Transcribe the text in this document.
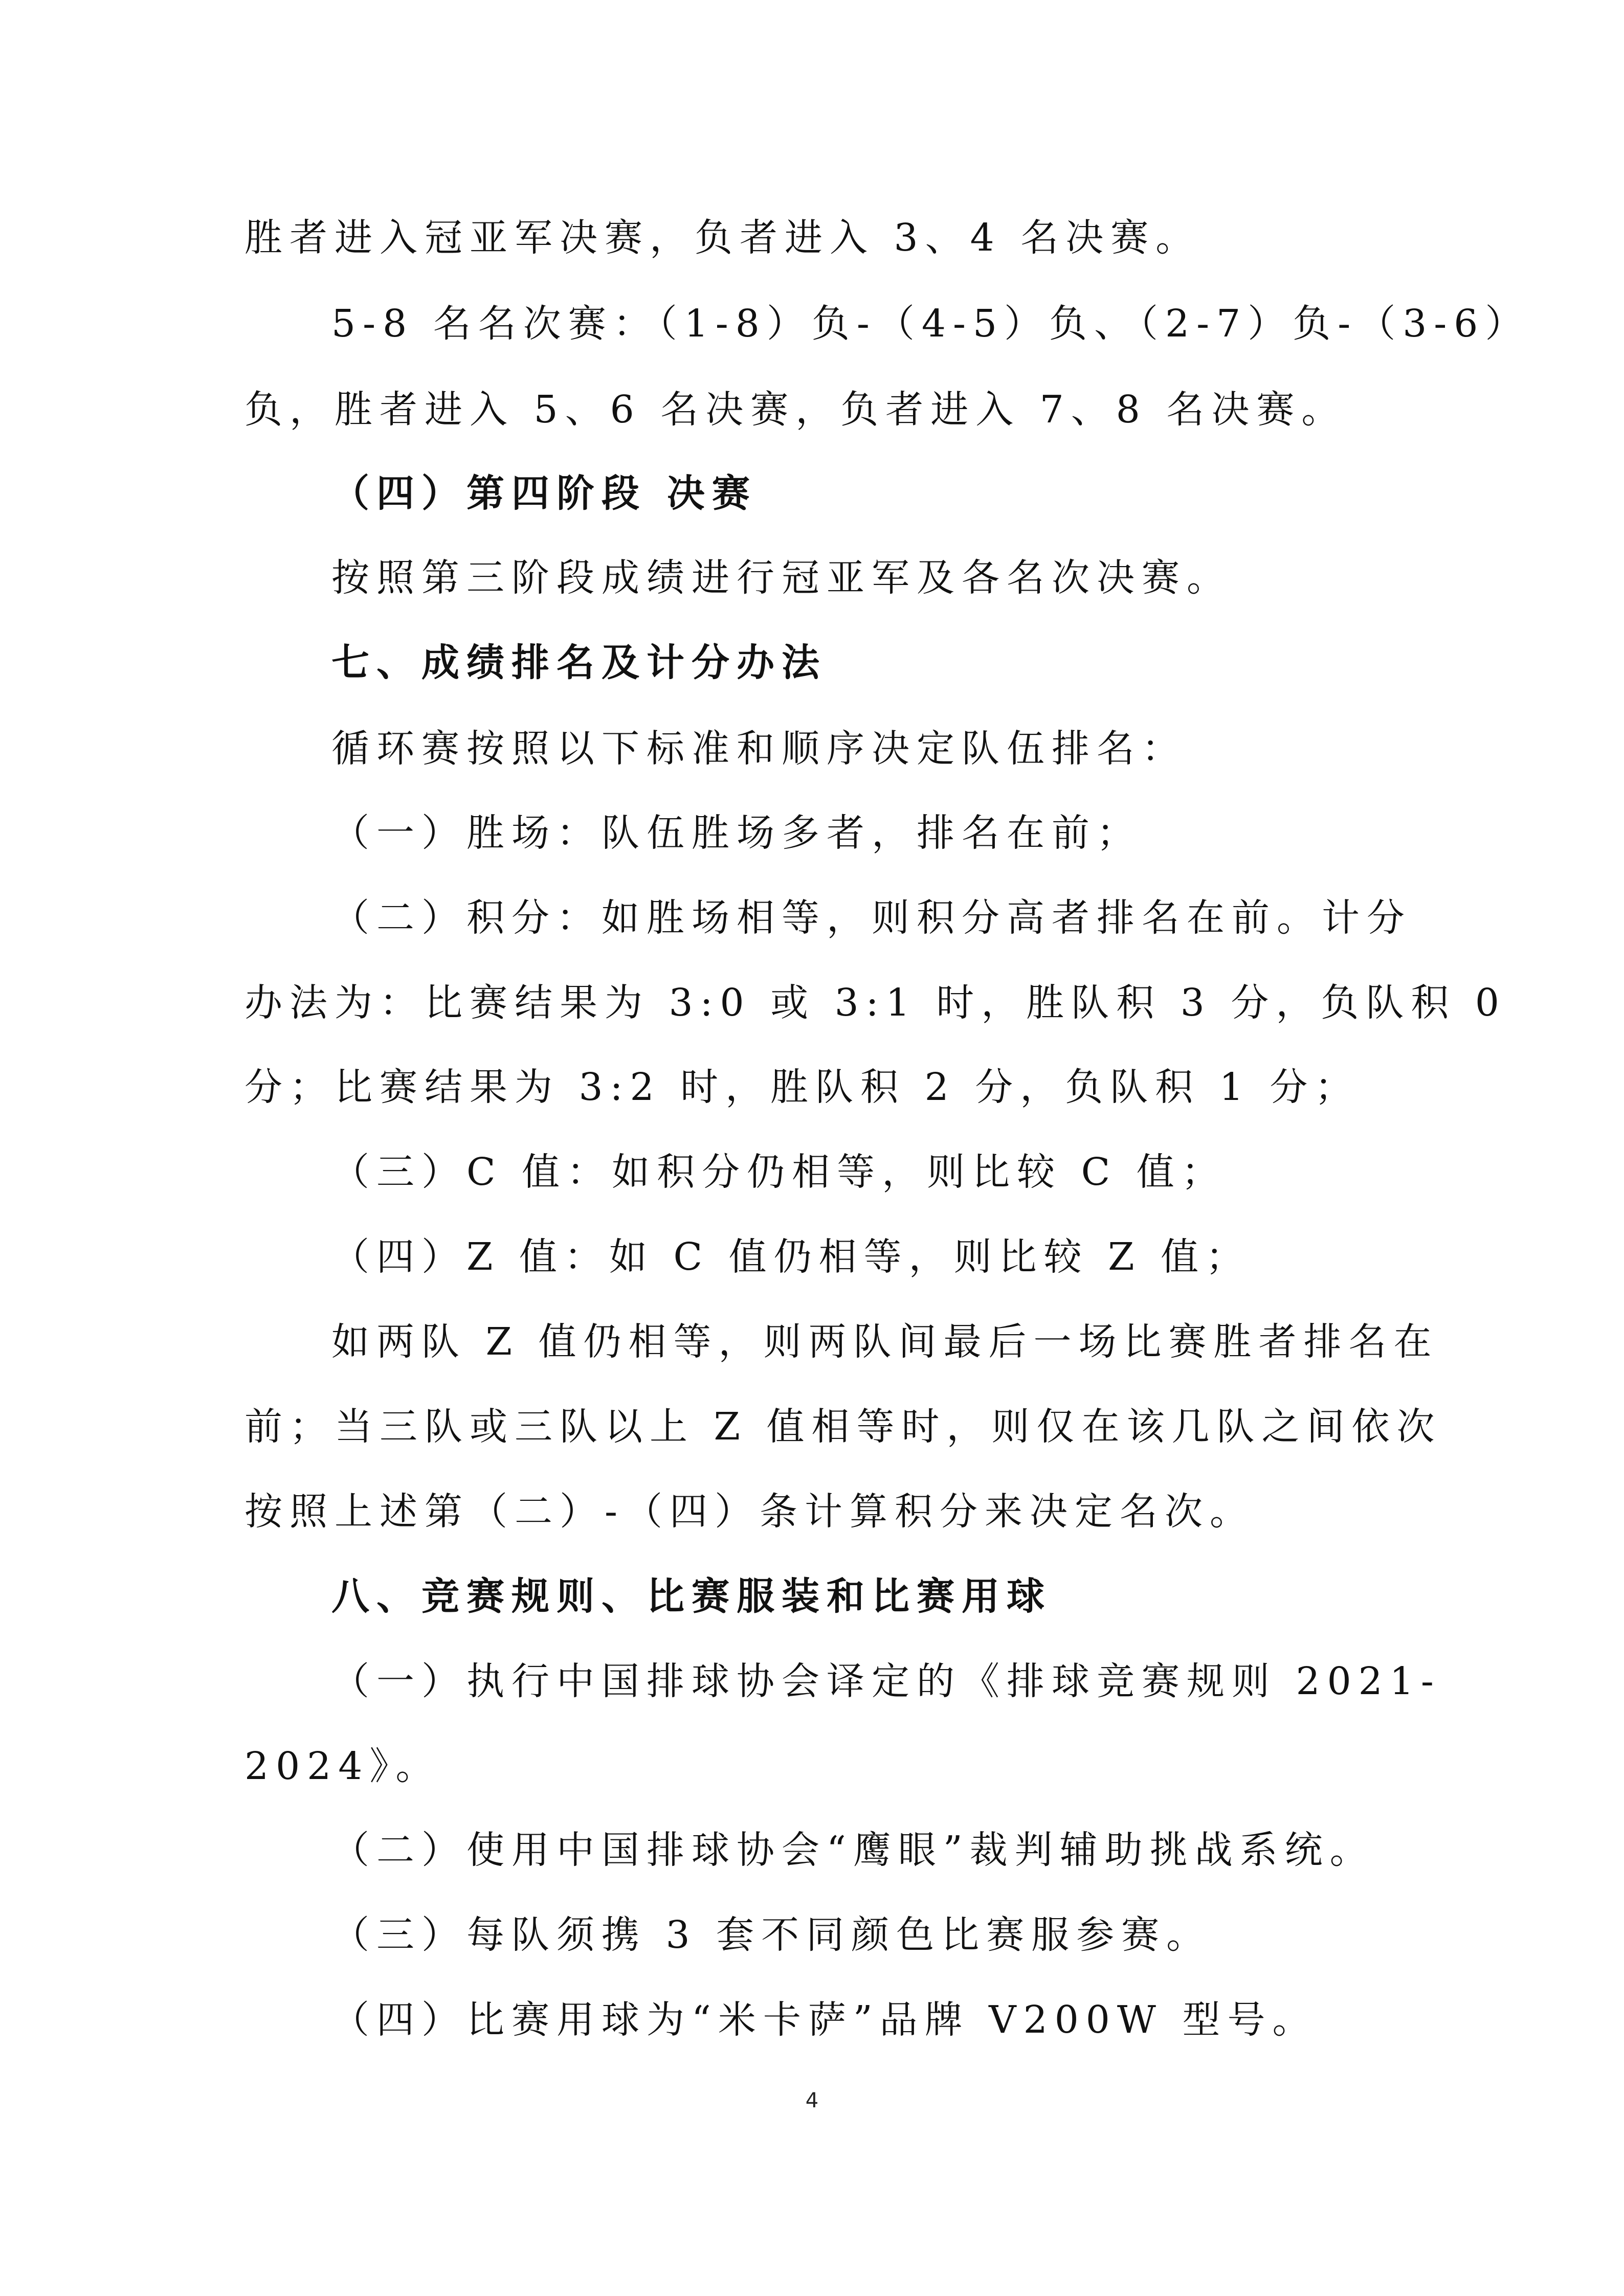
胜者进入冠亚军决赛，负者进入 3、4 名决赛。
5-8 名名次赛：（1-8）负-（4-5）负、（2-7）负-（3-6）
负，胜者进入 5、6 名决赛，负者进入 7、8 名决赛。
（四）第四阶段 决赛
按照第三阶段成绩进行冠亚军及各名次决赛。
七、成绩排名及计分办法
循环赛按照以下标准和顺序决定队伍排名：
（一）胜场：队伍胜场多者，排名在前；
（二）积分：如胜场相等，则积分高者排名在前。计分
办法为：比赛结果为 3:0 或 3:1 时，胜队积 3 分，负队积 0
分；比赛结果为 3:2 时，胜队积 2 分，负队积 1 分；
（三）C 值：如积分仍相等，则比较 C 值；
（四）Z 值：如 C 值仍相等，则比较 Z 值；
如两队 Z 值仍相等，则两队间最后一场比赛胜者排名在
前；当三队或三队以上 Z 值相等时，则仅在该几队之间依次
按照上述第（二）-（四）条计算积分来决定名次。
八、竞赛规则、比赛服装和比赛用球
（一）执行中国排球协会译定的《排球竞赛规则 2021-
2024》。
（二）使用中国排球协会“鹰眼”裁判辅助挑战系统。
（三）每队须携 3 套不同颜色比赛服参赛。
（四）比赛用球为“米卡萨”品牌 V200W 型号。
4
